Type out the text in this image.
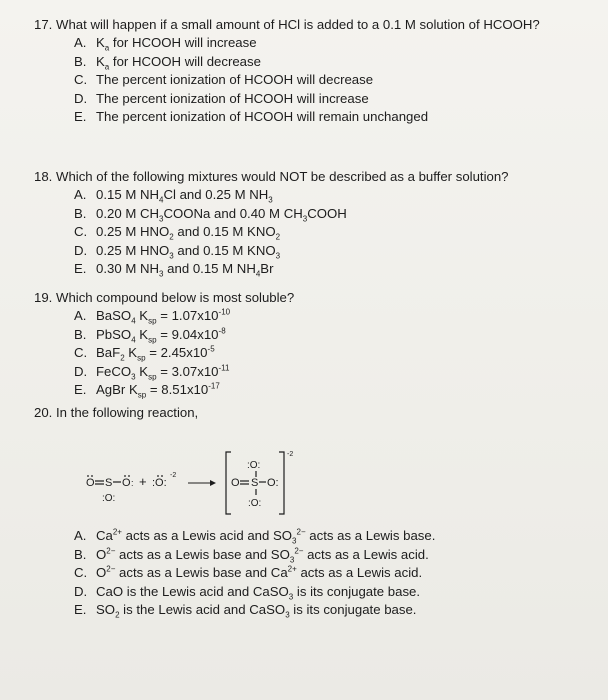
17. What will happen if a small amount of HCl is added to a 0.1 M solution of HCOOH?
A. $K_a$ for HCOOH will increase
B. $K_a$ for HCOOH will decrease
C. The percent ionization of HCOOH will decrease
D. The percent ionization of HCOOH will increase
E. The percent ionization of HCOOH will remain unchanged
18. Which of the following mixtures would NOT be described as a buffer solution?
A. 0.15 M $NH_4Cl$ and 0.25 M $NH_3$
B. 0.20 M $CH_3COONa$ and 0.40 M $CH_3COOH$
C. 0.25 M $HNO_2$ and 0.15 M $KNO_2$
D. 0.25 M $HNO_3$ and 0.15 M $KNO_3$
E. 0.30 M $NH_3$ and 0.15 M $NH_4Br$
19. Which compound below is most soluble?
A. BaSO$_4$ $K_{sp} = 1.07x10^{-10}$
B. PbSO$_4$ $K_{sp} = 9.04x10^{-8}$
C. BaF$_2$ $K_{sp} = 2.45x10^{-5}$
D. FeCO$_3$ $K_{sp} = 3.07x10^{-11}$
E. AgBr $K_{sp} = 8.51x10^{-17}$
20. In the following reaction,
O S O :
:O:
+ :O:
-2
:O:
O S O:
:O:
-2
A. $Ca^{2+}$ acts as a Lewis acid and $SO_3^{2-}$ acts as a Lewis base.
B. $O^{2-}$ acts as a Lewis base and $SO_3^{2-}$ acts as a Lewis acid.
C. $O^{2-}$ acts as a Lewis base and $Ca^{2+}$ acts as a Lewis acid.
D. CaO is the Lewis acid and CaSO$_3$ is its conjugate base.
E. $SO_2$ is the Lewis acid and CaSO$_3$ is its conjugate base.
